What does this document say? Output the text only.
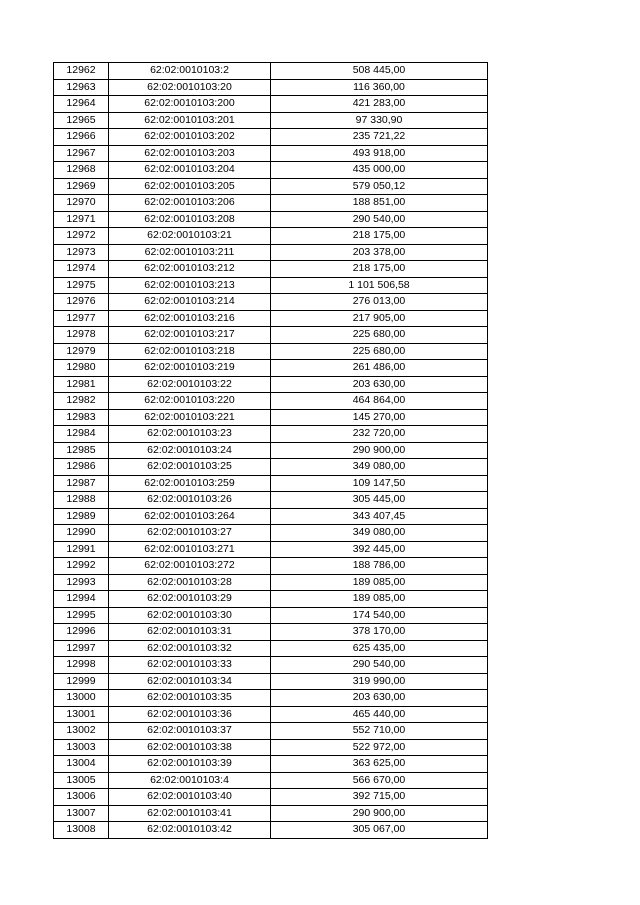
12962	62:02:0010103:2	508 445,00
12963	62:02:0010103:20	116 360,00
12964	62:02:0010103:200	421 283,00
12965	62:02:0010103:201	97 330,90
12966	62:02:0010103:202	235 721,22
12967	62:02:0010103:203	493 918,00
12968	62:02:0010103:204	435 000,00
12969	62:02:0010103:205	579 050,12
12970	62:02:0010103:206	188 851,00
12971	62:02:0010103:208	290 540,00
12972	62:02:0010103:21	218 175,00
12973	62:02:0010103:211	203 378,00
12974	62:02:0010103:212	218 175,00
12975	62:02:0010103:213	1 101 506,58
12976	62:02:0010103:214	276 013,00
12977	62:02:0010103:216	217 905,00
12978	62:02:0010103:217	225 680,00
12979	62:02:0010103:218	225 680,00
12980	62:02:0010103:219	261 486,00
12981	62:02:0010103:22	203 630,00
12982	62:02:0010103:220	464 864,00
12983	62:02:0010103:221	145 270,00
12984	62:02:0010103:23	232 720,00
12985	62:02:0010103:24	290 900,00
12986	62:02:0010103:25	349 080,00
12987	62:02:0010103:259	109 147,50
12988	62:02:0010103:26	305 445,00
12989	62:02:0010103:264	343 407,45
12990	62:02:0010103:27	349 080,00
12991	62:02:0010103:271	392 445,00
12992	62:02:0010103:272	188 786,00
12993	62:02:0010103:28	189 085,00
12994	62:02:0010103:29	189 085,00
12995	62:02:0010103:30	174 540,00
12996	62:02:0010103:31	378 170,00
12997	62:02:0010103:32	625 435,00
12998	62:02:0010103:33	290 540,00
12999	62:02:0010103:34	319 990,00
13000	62:02:0010103:35	203 630,00
13001	62:02:0010103:36	465 440,00
13002	62:02:0010103:37	552 710,00
13003	62:02:0010103:38	522 972,00
13004	62:02:0010103:39	363 625,00
13005	62:02:0010103:4	566 670,00
13006	62:02:0010103:40	392 715,00
13007	62:02:0010103:41	290 900,00
13008	62:02:0010103:42	305 067,00
